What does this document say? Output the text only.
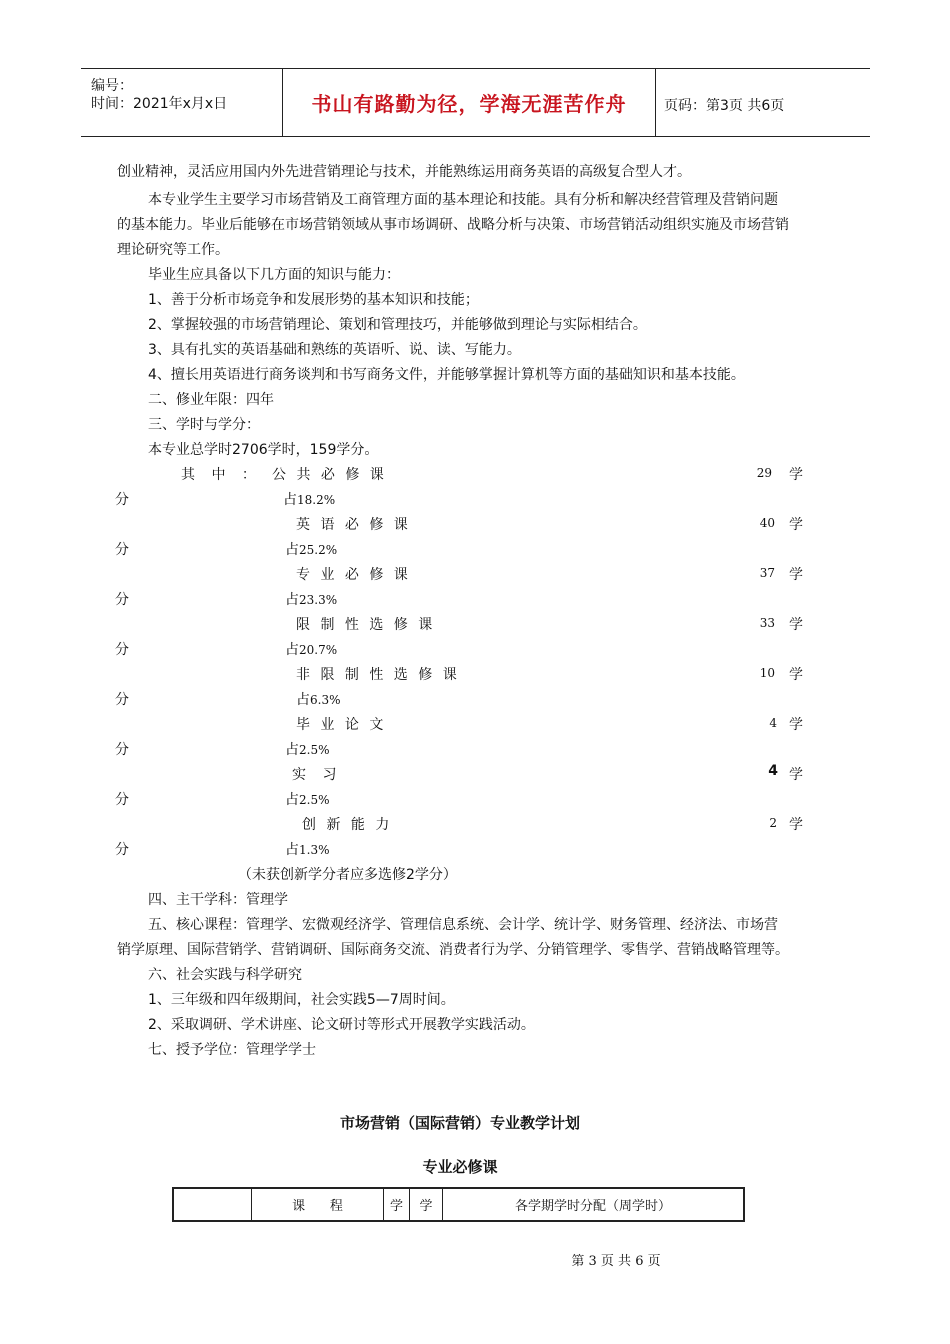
编号：
时间：2021年x月x日	书山有路勤为径，学海无涯苦作舟	页码：第3页 共6页
创业精神，灵活应用国内外先进营销理论与技术，并能熟练运用商务英语的高级复合型人才。
本专业学生主要学习市场营销及工商管理方面的基本理论和技能。具有分析和解决经营管理及营销问题
的基本能力。毕业后能够在市场营销领域从事市场调研、战略分析与决策、市场营销活动组织实施及市场营销
理论研究等工作。
毕业生应具备以下几方面的知识与能力：
1、善于分析市场竞争和发展形势的基本知识和技能；
2、掌握较强的市场营销理论、策划和管理技巧，并能够做到理论与实际相结合。
3、具有扎实的英语基础和熟练的英语听、说、读、写能力。
4、擅长用英语进行商务谈判和书写商务文件，并能够掌握计算机等方面的基础知识和基本技能。
二、修业年限：四年
三、学时与学分：
本专业总学时2706学时，159学分。
其 中 ： 公 共 必 修 课	29 学
分	占18.2%
英 语 必 修 课	40 学
分	占25.2%
专 业 必 修 课	37 学
分	占23.3%
限 制 性 选 修 课	33 学
分	占20.7%
非 限 制 性 选 修 课	10 学
分	占6.3%
毕 业 论 文	4 学
分	占2.5%
实 习	4 学
分	占2.5%
创 新 能 力	2 学
分	占1.3%
（未获创新学分者应多选修2学分）
四、主干学科：管理学
五、核心课程：管理学、宏微观经济学、管理信息系统、会计学、统计学、财务管理、经济法、市场营
销学原理、国际营销学、营销调研、国际商务交流、消费者行为学、分销管理学、零售学、营销战略管理等。
六、社会实践与科学研究
1、三年级和四年级期间，社会实践5—7周时间。
2、采取调研、学术讲座、论文研讨等形式开展教学实践活动。
七、授予学位：管理学学士
市场营销（国际营销）专业教学计划
专业必修课
课      程	学	学	各学期学时分配（周学时）
第 3 页 共 6 页
